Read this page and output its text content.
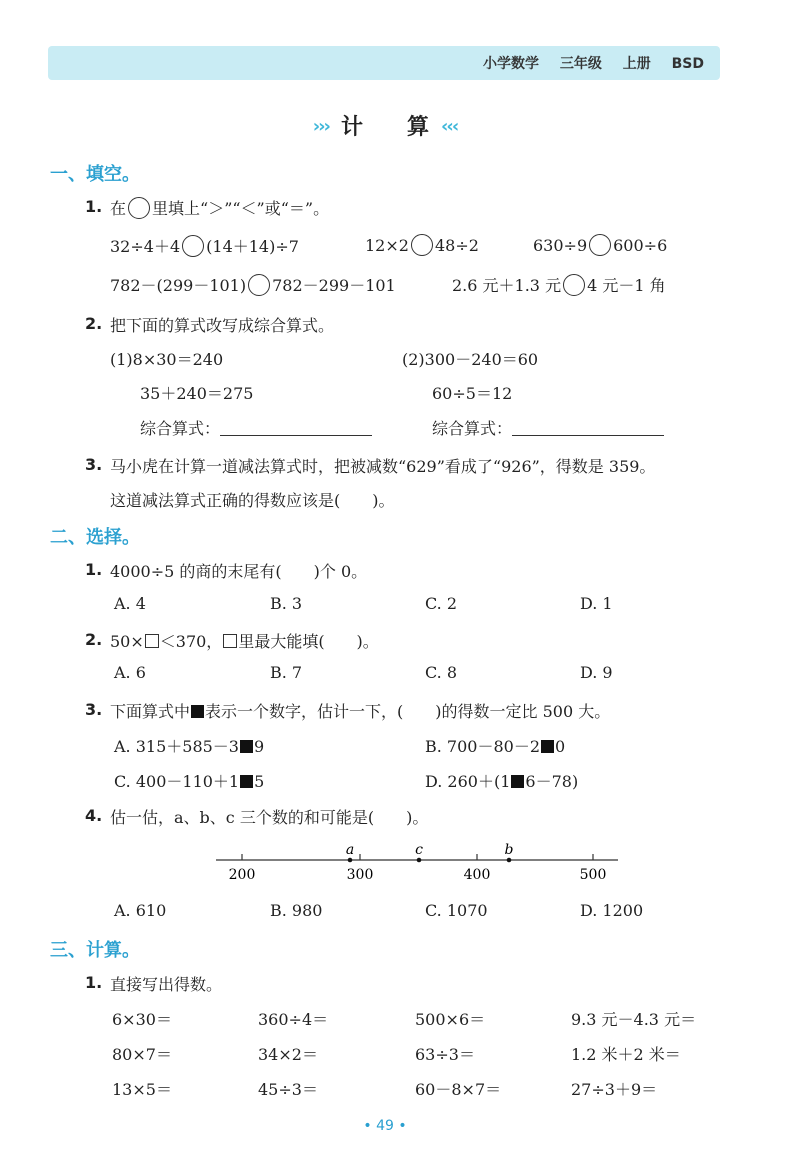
小学数学 三年级 上册 BSD
››› 计 算 ‹‹‹
一、填空。
1. 在 里填上“＞”“＜”或“＝”。
32÷4＋4 (14＋14)÷7	12×2 48÷2	630÷9 600÷6
782－(299－101) 782－299－101	2.6 元＋1.3 元 4 元－1 角
2. 把下面的算式改写成综合算式。
(1)8×30＝240
35＋240＝275
综合算式：
(2)300－240＝60
60÷5＝12
综合算式：
3. 马小虎在计算一道减法算式时，把被减数“629”看成了“926”，得数是 359。
这道减法算式正确的得数应该是(　　)。
二、选择。
1. 4000÷5 的商的末尾有(　　)个 0。
A. 4	B. 3	C. 2	D. 1
2. 50× ＜370， 里最大能填(　　)。
A. 6	B. 7	C. 8	D. 9
3. 下面算式中 表示一个数字，估计一下，(　　)的得数一定比 500 大。
A. 315＋585－3 9	B. 700－80－2 0
C. 400－110＋1 5	D. 260＋(1 6－78)
4. 估一估，a、b、c 三个数的和可能是(　　)。
200	300	400	500
a	c	b
A. 610	B. 980	C. 1070	D. 1200
三、计算。
1. 直接写出得数。
6×30＝	360÷4＝	500×6＝	9.3 元－4.3 元＝
80×7＝	34×2＝	63÷3＝	1.2 米＋2 米＝
13×5＝	45÷3＝	60－8×7＝	27÷3＋9＝
• 49 •
